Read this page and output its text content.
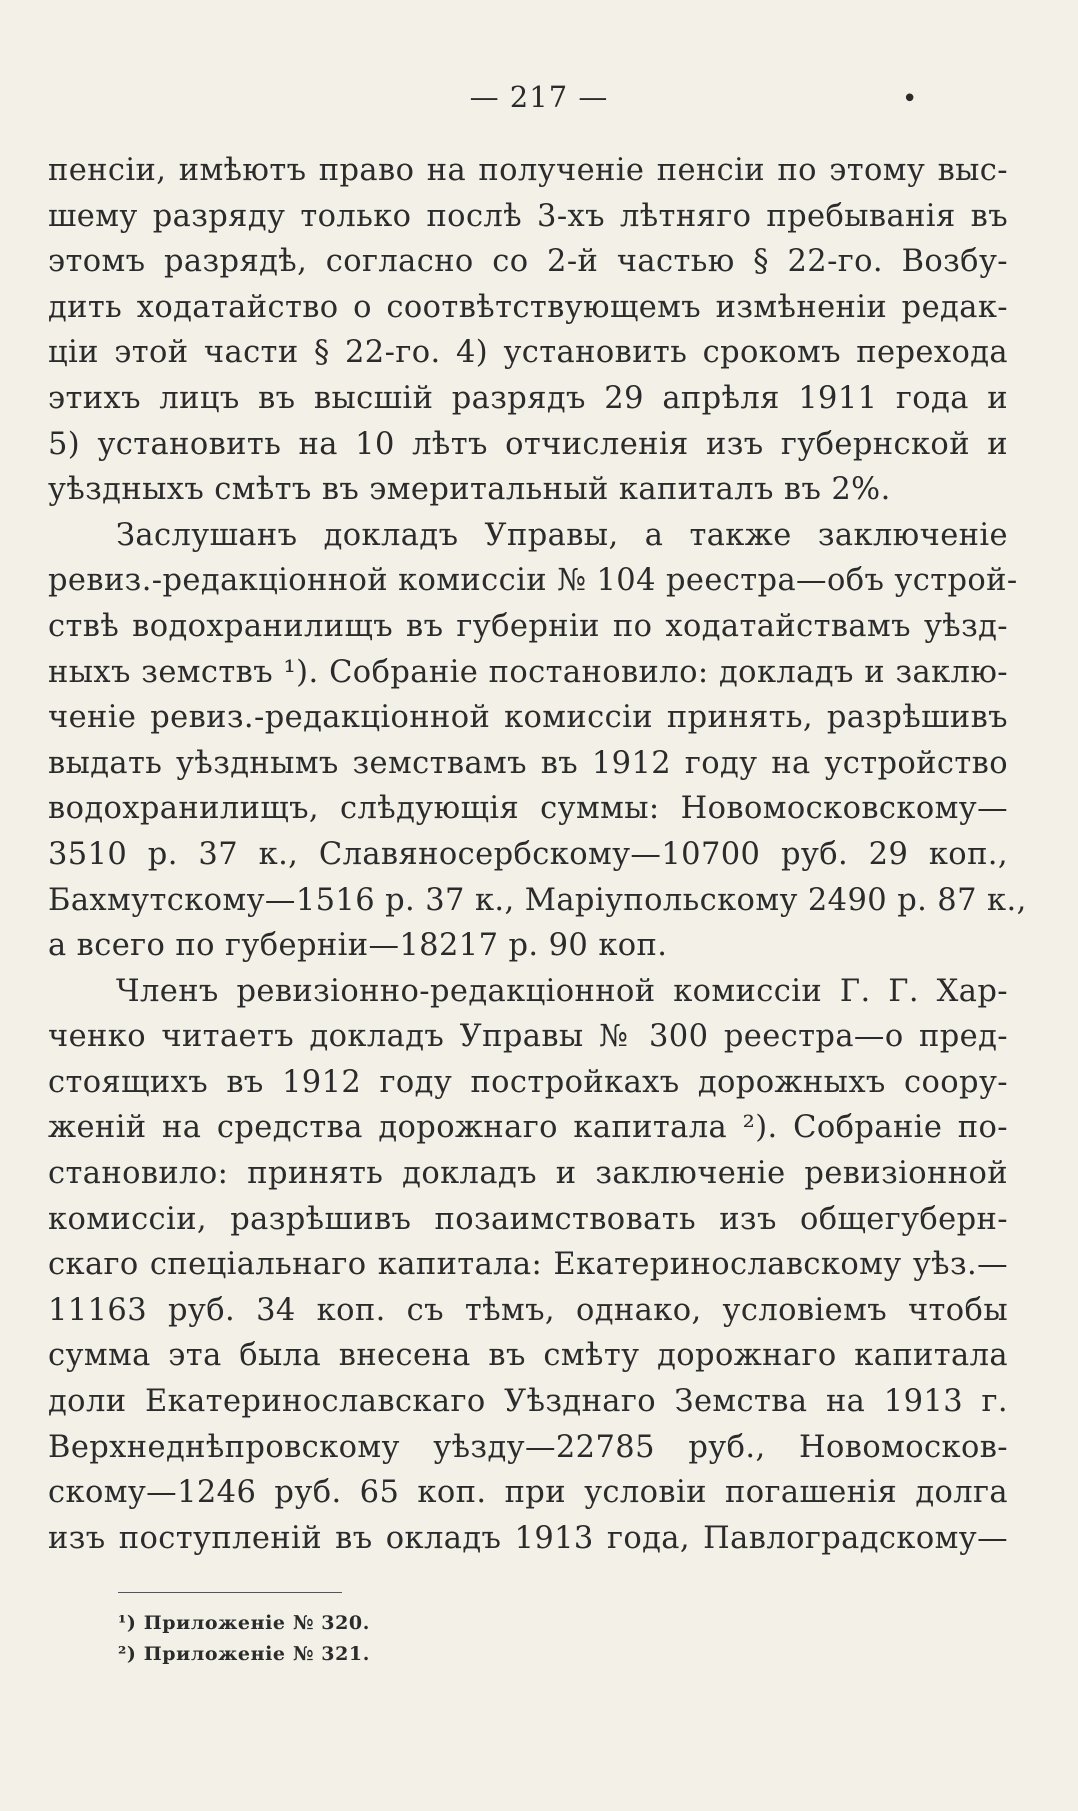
— 217 —	•
пенсіи, имѣютъ право на полученіе пенсіи по этому выс-
шему разряду только послѣ 3-хъ лѣтняго пребыванія въ
этомъ разрядѣ, согласно со 2-й частью § 22-го. Возбу-
дить ходатайство о соотвѣтствующемъ измѣненіи редак-
ціи этой части § 22-го. 4) установить срокомъ перехода
этихъ лицъ въ высшій разрядъ 29 апрѣля 1911 года и
5) установить на 10 лѣтъ отчисленія изъ губернской и
уѣздныхъ смѣтъ въ эмеритальный капиталъ въ 2%.
Заслушанъ докладъ Управы, а также заключеніе
ревиз.-редакціонной комиссіи № 104 реестра—объ устрой-
ствѣ водохранилищъ въ губерніи по ходатайствамъ уѣзд-
ныхъ земствъ ¹). Собраніе постановило: докладъ и заклю-
ченіе ревиз.-редакціонной комиссіи принять, разрѣшивъ
выдать уѣзднымъ земствамъ въ 1912 году на устройство
водохранилищъ, слѣдующія суммы: Новомосковскому—
3510 р. 37 к., Славяносербскому—10700 руб. 29 коп.,
Бахмутскому—1516 р. 37 к., Маріупольскому 2490 р. 87 к.,
а всего по губерніи—18217 р. 90 коп.
Членъ ревизіонно-редакціонной комиссіи Г. Г. Хар-
ченко читаетъ докладъ Управы № 300 реестра—о пред-
стоящихъ въ 1912 году постройкахъ дорожныхъ соору-
женій на средства дорожнаго капитала ²). Собраніе по-
становило: принять докладъ и заключеніе ревизіонной
комиссіи, разрѣшивъ позаимствовать изъ общегуберн-
скаго спеціальнаго капитала: Екатеринославскому уѣз.—
11163 руб. 34 коп. съ тѣмъ, однако, условіемъ чтобы
сумма эта была внесена въ смѣту дорожнаго капитала
доли Екатеринославскаго Уѣзднаго Земства на 1913 г.
Верхнеднѣпровскому уѣзду—22785 руб., Новомосков-
скому—1246 руб. 65 коп. при условіи погашенія долга
изъ поступленій въ окладъ 1913 года, Павлоградскому—
¹) Приложеніе № 320.
²) Приложеніе № 321.
